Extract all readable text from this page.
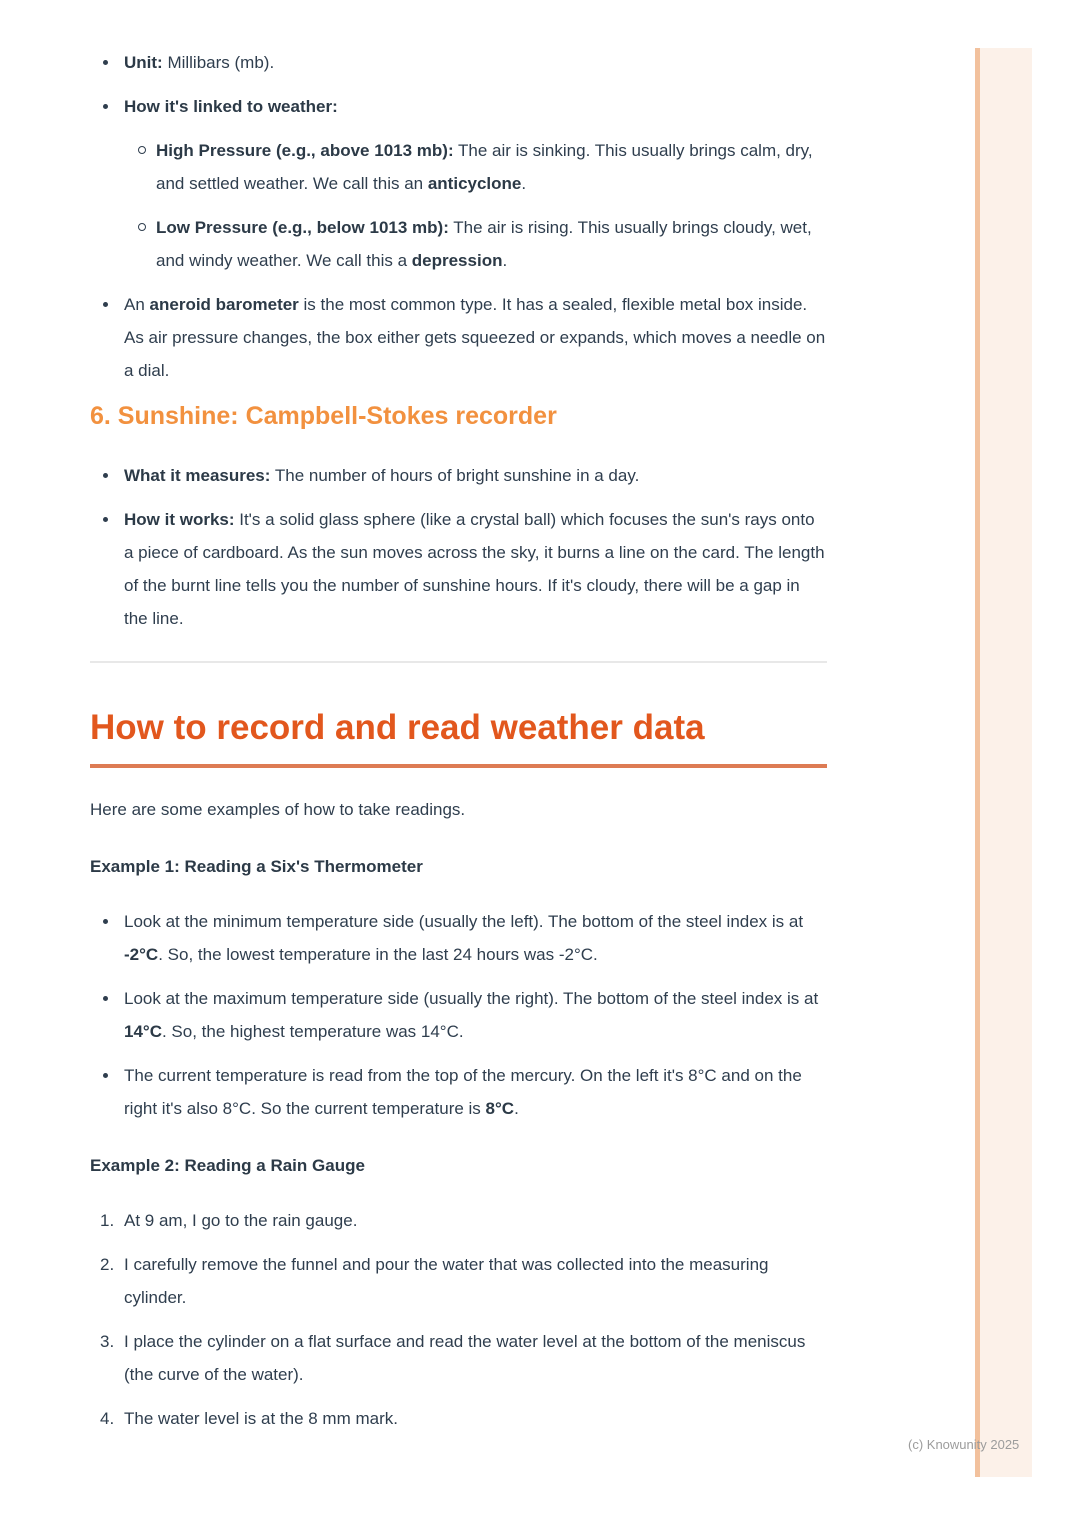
Unit: Millibars (mb).
How it's linked to weather:
High Pressure (e.g., above 1013 mb): The air is sinking. This usually brings calm, dry, and settled weather. We call this an anticyclone.
Low Pressure (e.g., below 1013 mb): The air is rising. This usually brings cloudy, wet, and windy weather. We call this a depression.
An aneroid barometer is the most common type. It has a sealed, flexible metal box inside. As air pressure changes, the box either gets squeezed or expands, which moves a needle on a dial.
6. Sunshine: Campbell-Stokes recorder
What it measures: The number of hours of bright sunshine in a day.
How it works: It's a solid glass sphere (like a crystal ball) which focuses the sun's rays onto a piece of cardboard. As the sun moves across the sky, it burns a line on the card. The length of the burnt line tells you the number of sunshine hours. If it's cloudy, there will be a gap in the line.
How to record and read weather data

Here are some examples of how to take readings.

Example 1: Reading a Six's Thermometer

Look at the minimum temperature side (usually the left). The bottom of the steel index is at -2°C. So, the lowest temperature in the last 24 hours was -2°C.
Look at the maximum temperature side (usually the right). The bottom of the steel index is at 14°C. So, the highest temperature was 14°C.
The current temperature is read from the top of the mercury. On the left it's 8°C and on the right it's also 8°C. So the current temperature is 8°C.

Example 2: Reading a Rain Gauge

At 9 am, I go to the rain gauge.
I carefully remove the funnel and pour the water that was collected into the measuring cylinder.
I place the cylinder on a flat surface and read the water level at the bottom of the meniscus (the curve of the water).
The water level is at the 8 mm mark.
(c) Knowunity 2025
